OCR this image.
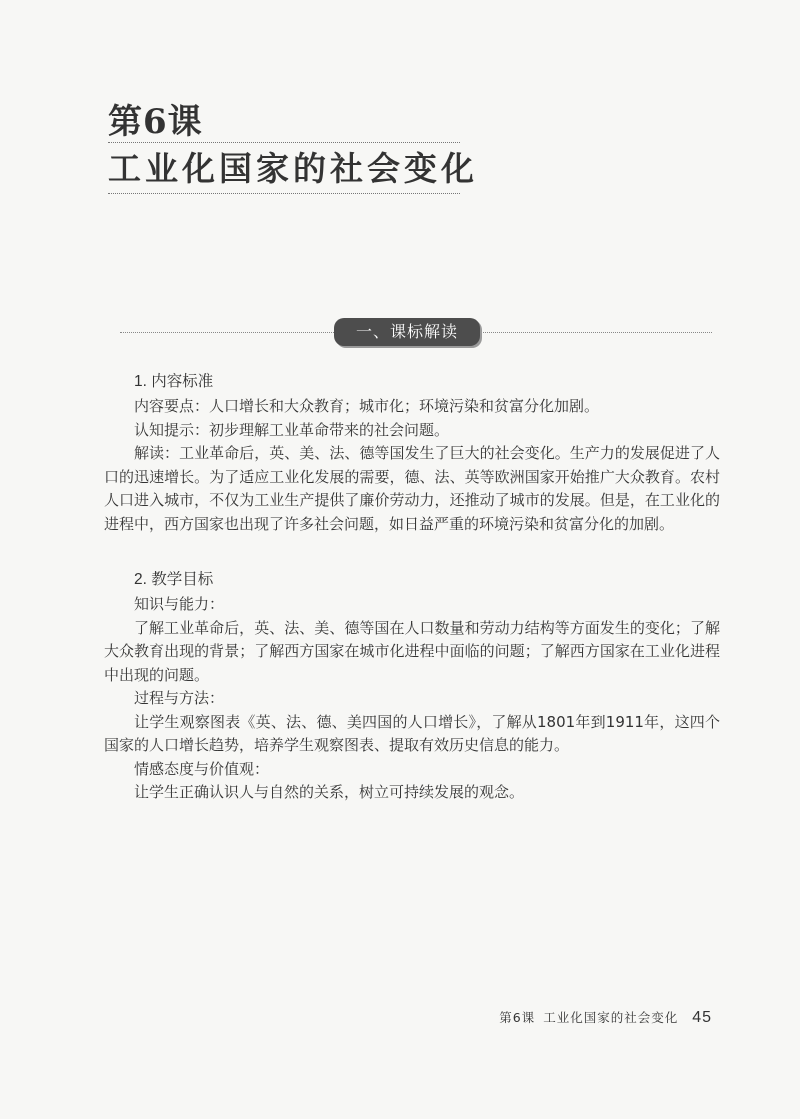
第6课
工业化国家的社会变化
一、课标解读

1. 内容标准

内容要点：人口增长和大众教育；城市化；环境污染和贫富分化加剧。

认知提示：初步理解工业革命带来的社会问题。

解读：工业革命后，英、美、法、德等国发生了巨大的社会变化。生产力的发展促进了人口的迅速增长。为了适应工业化发展的需要，德、法、英等欧洲国家开始推广大众教育。农村人口进入城市，不仅为工业生产提供了廉价劳动力，还推动了城市的发展。但是，在工业化的进程中，西方国家也出现了许多社会问题，如日益严重的环境污染和贫富分化的加剧。

2. 教学目标

知识与能力：

了解工业革命后，英、法、美、德等国在人口数量和劳动力结构等方面发生的变化；了解大众教育出现的背景；了解西方国家在城市化进程中面临的问题；了解西方国家在工业化进程中出现的问题。

过程与方法：

让学生观察图表《英、法、德、美四国的人口增长》，了解从1801年到1911年，这四个国家的人口增长趋势，培养学生观察图表、提取有效历史信息的能力。

情感态度与价值观：

让学生正确认识人与自然的关系，树立可持续发展的观念。

第6课 工业化国家的社会变化 45
